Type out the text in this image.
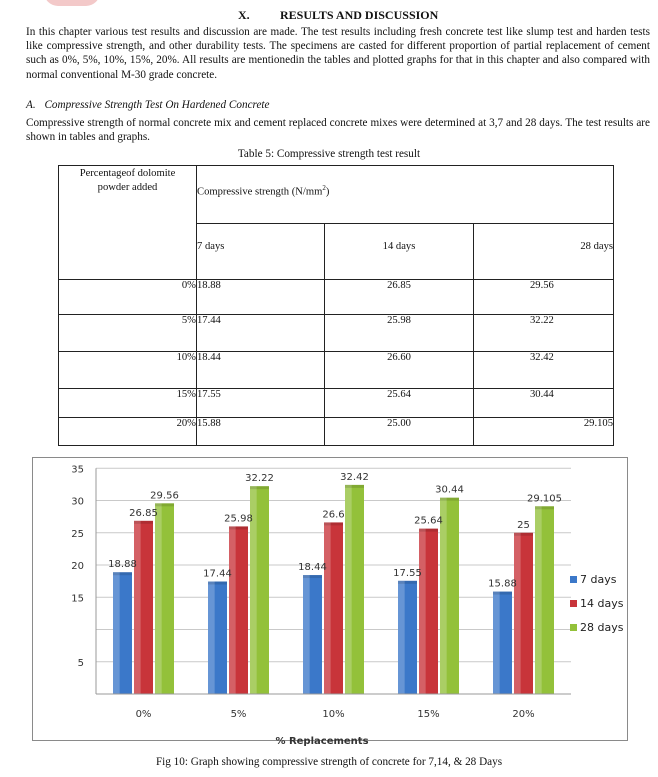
X.	RESULTS AND DISCUSSION
In this chapter various test results and discussion are made. The test results including fresh concrete test like slump test and harden tests like compressive strength, and other durability tests. The specimens are casted for different proportion of partial replacement of cement such as 0%, 5%, 10%, 15%, 20%. All results are mentionedin the tables and plotted graphs for that in this chapter and also compared with normal conventional M-30 grade concrete.
A. Compressive Strength Test On Hardened Concrete
Compressive strength of normal concrete mix and cement replaced concrete mixes were determined at 3,7 and 28 days. The test results are shown in tables and graphs.
Table 5: Compressive strength test result
Percentageof dolomite powder added	Compressive strength $(N/mm^2)$		
	7 days	14 days	28 days
0%	18.88	26.85	29.56
5%	17.44	25.98	32.22
10%	18.44	26.60	32.42
15%	17.55	25.64	30.44
20%	15.88	25.00	29.105
18.88
26.85
29.56
17.44
25.98
32.22
18.44
26.6
32.42
17.55
25.64
30.44
15.88
25
29.105
35
30
25
20
15
5
0%	5%	10%	15%	20%
7 days
14 days
28 days
% Replacements
Fig 10: Graph showing compressive strength of concrete for 7,14, & 28 Days
